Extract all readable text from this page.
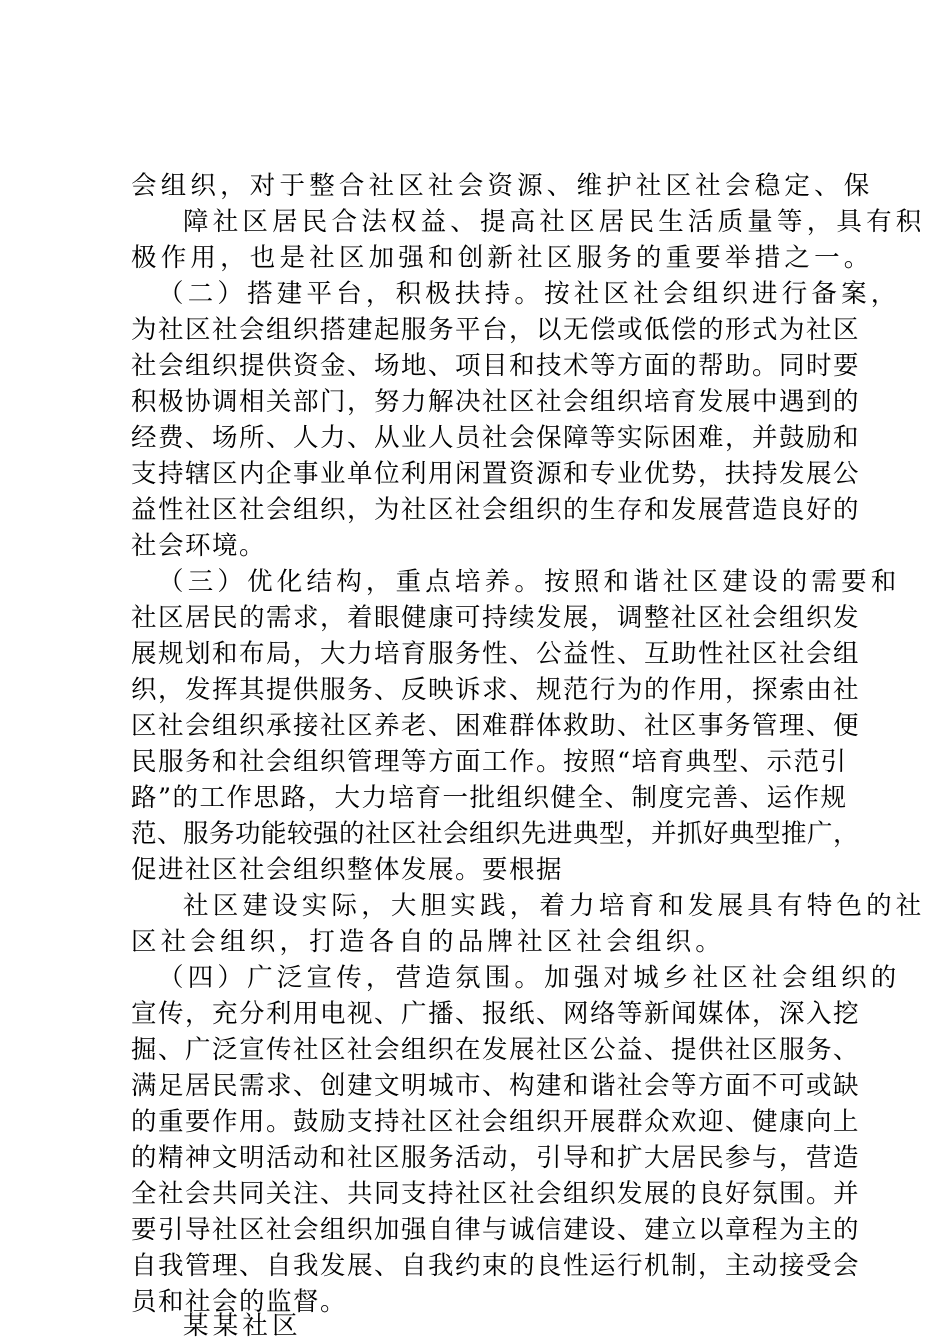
会组织，对于整合社区社会资源、维护社区社会稳定、保
障社区居民合法权益、提高社区居民生活质量等，具有积
极作用，也是社区加强和创新社区服务的重要举措之一。
（二）搭建平台，积极扶持。按社区社会组织进行备案，
为社区社会组织搭建起服务平台，以无偿或低偿的形式为社区
社会组织提供资金、场地、项目和技术等方面的帮助。同时要
积极协调相关部门，努力解决社区社会组织培育发展中遇到的
经费、场所、人力、从业人员社会保障等实际困难，并鼓励和
支持辖区内企事业单位利用闲置资源和专业优势，扶持发展公
益性社区社会组织，为社区社会组织的生存和发展营造良好的
社会环境。
（三）优化结构，重点培养。按照和谐社区建设的需要和
社区居民的需求，着眼健康可持续发展，调整社区社会组织发
展规划和布局，大力培育服务性、公益性、互助性社区社会组
织，发挥其提供服务、反映诉求、规范行为的作用，探索由社
区社会组织承接社区养老、困难群体救助、社区事务管理、便
民服务和社会组织管理等方面工作。按照“培育典型、示范引
路”的工作思路，大力培育一批组织健全、制度完善、运作规
范、服务功能较强的社区社会组织先进典型，并抓好典型推广，
促进社区社会组织整体发展。要根据
社区建设实际，大胆实践，着力培育和发展具有特色的社
区社会组织，打造各自的品牌社区社会组织。
（四）广泛宣传，营造氛围。加强对城乡社区社会组织的
宣传，充分利用电视、广播、报纸、网络等新闻媒体，深入挖
掘、广泛宣传社区社会组织在发展社区公益、提供社区服务、
满足居民需求、创建文明城市、构建和谐社会等方面不可或缺
的重要作用。鼓励支持社区社会组织开展群众欢迎、健康向上
的精神文明活动和社区服务活动，引导和扩大居民参与，营造
全社会共同关注、共同支持社区社会组织发展的良好氛围。并
要引导社区社会组织加强自律与诚信建设、建立以章程为主的
自我管理、自我发展、自我约束的良性运行机制，主动接受会
员和社会的监督。
某某社区
